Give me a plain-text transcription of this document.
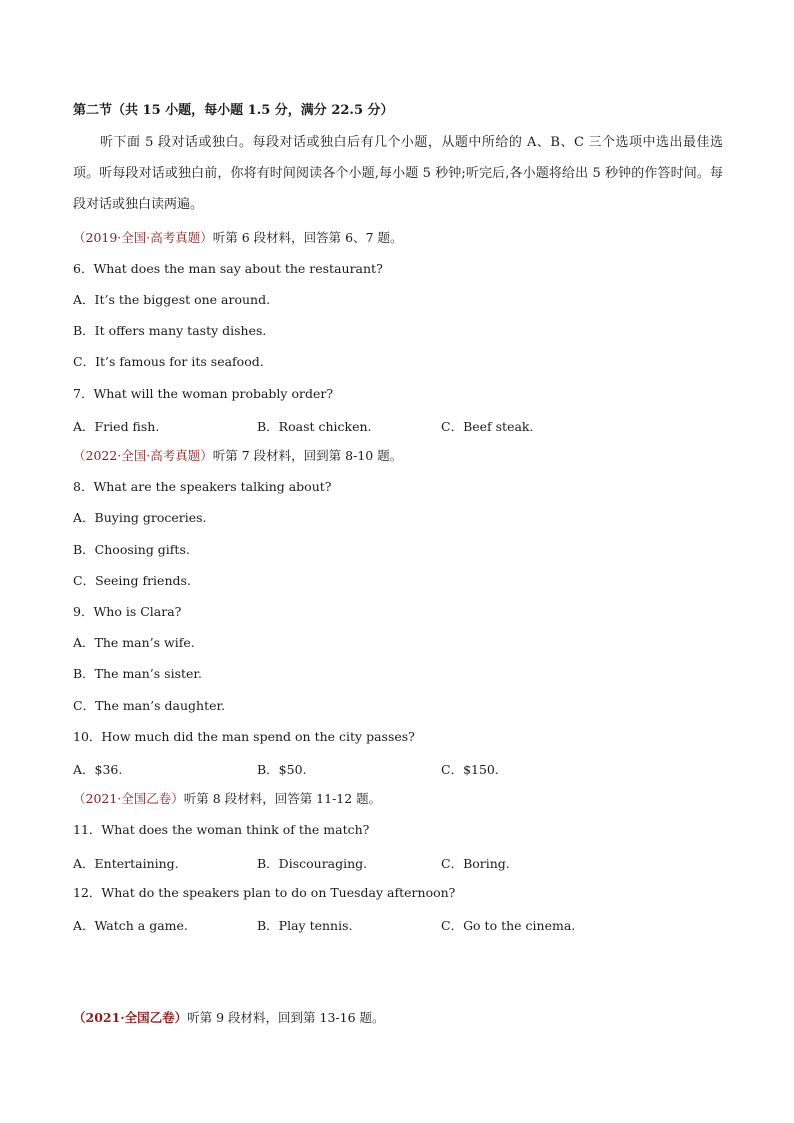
第二节（共 15 小题，每小题 1.5 分，满分 22.5 分）
听下面 5 段对话或独白。每段对话或独白后有几个小题，从题中所给的 A、B、C 三个选项中选出最佳选项。听每段对话或独白前，你将有时间阅读各个小题,每小题 5 秒钟;听完后,各小题将给出 5 秒钟的作答时间。每段对话或独白读两遍。
（2019·全国·高考真题）听第 6 段材料，回答第 6、7 题。
6．What does the man say about the restaurant?
A．It’s the biggest one around.
B．It offers many tasty dishes.
C．It’s famous for its seafood.
7．What will the woman probably order?
A．Fried fish.	B．Roast chicken.	C．Beef steak.
（2022·全国·高考真题）听第 7 段材料，回到第 8-10 题。
8．What are the speakers talking about?
A．Buying groceries.
B．Choosing gifts.
C．Seeing friends.
9．Who is Clara?
A．The man’s wife.
B．The man’s sister.
C．The man’s daughter.
10．How much did the man spend on the city passes?
A．$36.	B．$50.	C．$150.
（2021·全国乙卷）听第 8 段材料，回答第 11-12 题。
11．What does the woman think of the match?
A．Entertaining.	B．Discouraging.	C．Boring.
12．What do the speakers plan to do on Tuesday afternoon?
A．Watch a game.	B．Play tennis.	C．Go to the cinema.
（2021·全国乙卷）听第 9 段材料，回到第 13-16 题。
